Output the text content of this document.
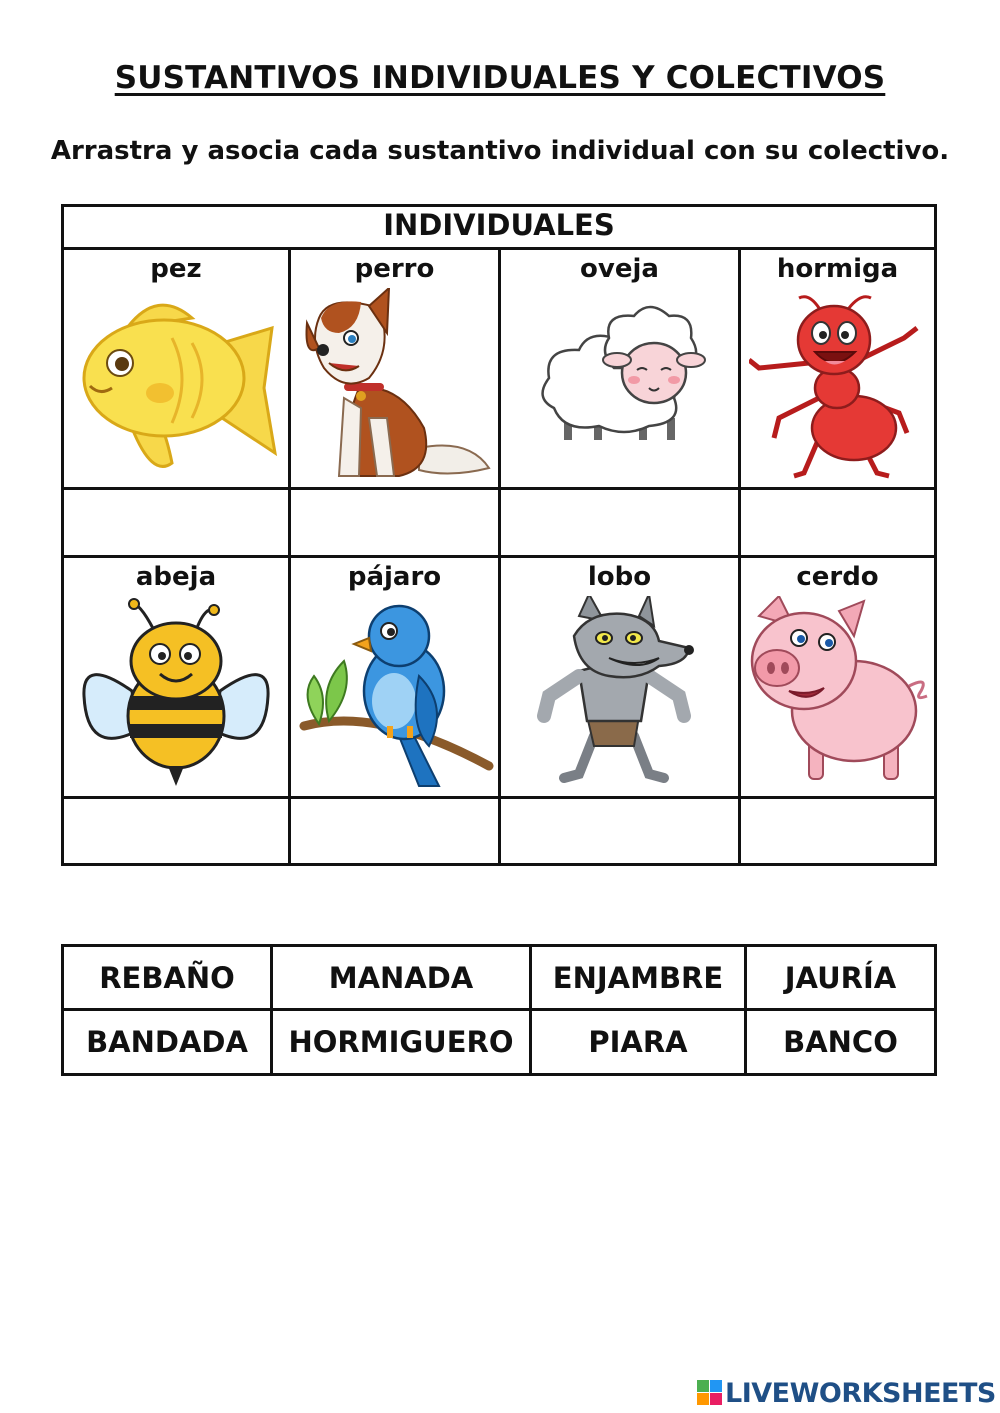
SUSTANTIVOS INDIVIDUALES Y COLECTIVOS
Arrastra y asocia cada sustantivo individual con su colectivo.
INDIVIDUALES
pez	perro	oveja	hormiga
abeja	pájaro	lobo	cerdo
REBAÑO	MANADA	ENJAMBRE	JAURÍA
BANDADA	HORMIGUERO	PIARA	BANCO
LIVEWORKSHEETS
